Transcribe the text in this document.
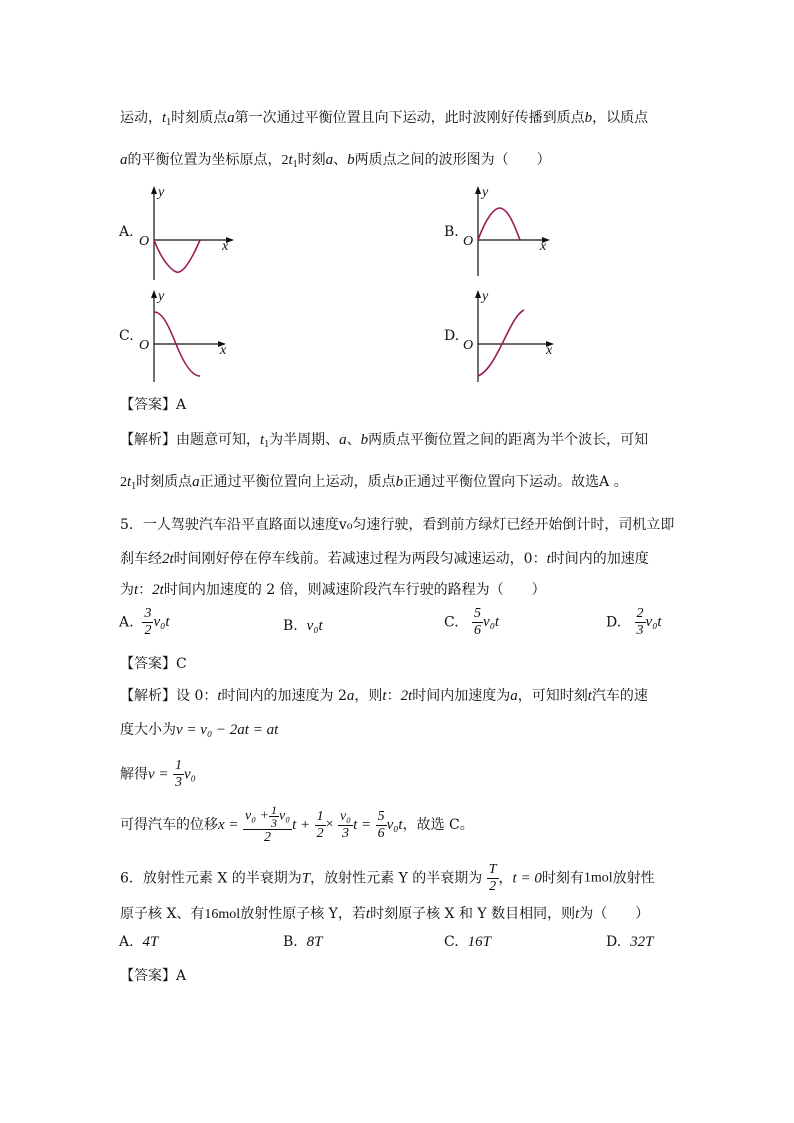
运动，$t_1$时刻质点a第一次通过平衡位置且向下运动，此时波刚好传播到质点b，以质点
a的平衡位置为坐标原点，$2t_1$时刻a、b两质点之间的波形图为（　　）
A.
y
O	x
B.
y
O	x
C.
y
O	x
D.
y
O	x
【答案】A
【解析】由题意可知，$t_1$为半周期、a、b两质点平衡位置之间的距离为半个波长，可知
$2t_1$时刻质点a正通过平衡位置向上运动，质点b正通过平衡位置向下运动。故选A 。
5．一人驾驶汽车沿平直路面以速度v₀匀速行驶，看到前方绿灯已经开始倒计时，司机立即
刹车经2t时间刚好停在停车线前。若减速过程为两段匀减速运动，0：t时间内的加速度
为t：2t时间内加速度的 2 倍，则减速阶段汽车行驶的路程为（　　）
A. $\frac{3}{2} v_0t$	B. v₀t	C. $\frac{5}{6} v_0t$	D. $\frac{2}{3} v_0t$
【答案】C
【解析】设 0：t时间内的加速度为 2a，则t：2t时间内加速度为a，可知时刻t汽车的速
度大小为v = v₀ − 2at = at
解得$v = \frac{1}{3} v_0$
可得汽车的位移$x = \frac{v_0 + \frac{1}{3} v_0}{2}$ $t + \frac{1}{2} \times \frac{\text{v₀}}{3}$ $t = \frac{5}{6} v_0t$，故选 C。
6．放射性元素 X 的半衰期为T，放射性元素 Y 的半衰期为 $\frac{T}{2}$ ，t = 0时刻有1mol放射性
原子核 X、有16mol放射性原子核 Y，若t时刻原子核 X 和 Y 数目相同，则t为（　　）
A. 4T	B. 8T	C. 16T	D. 32T
【答案】A
